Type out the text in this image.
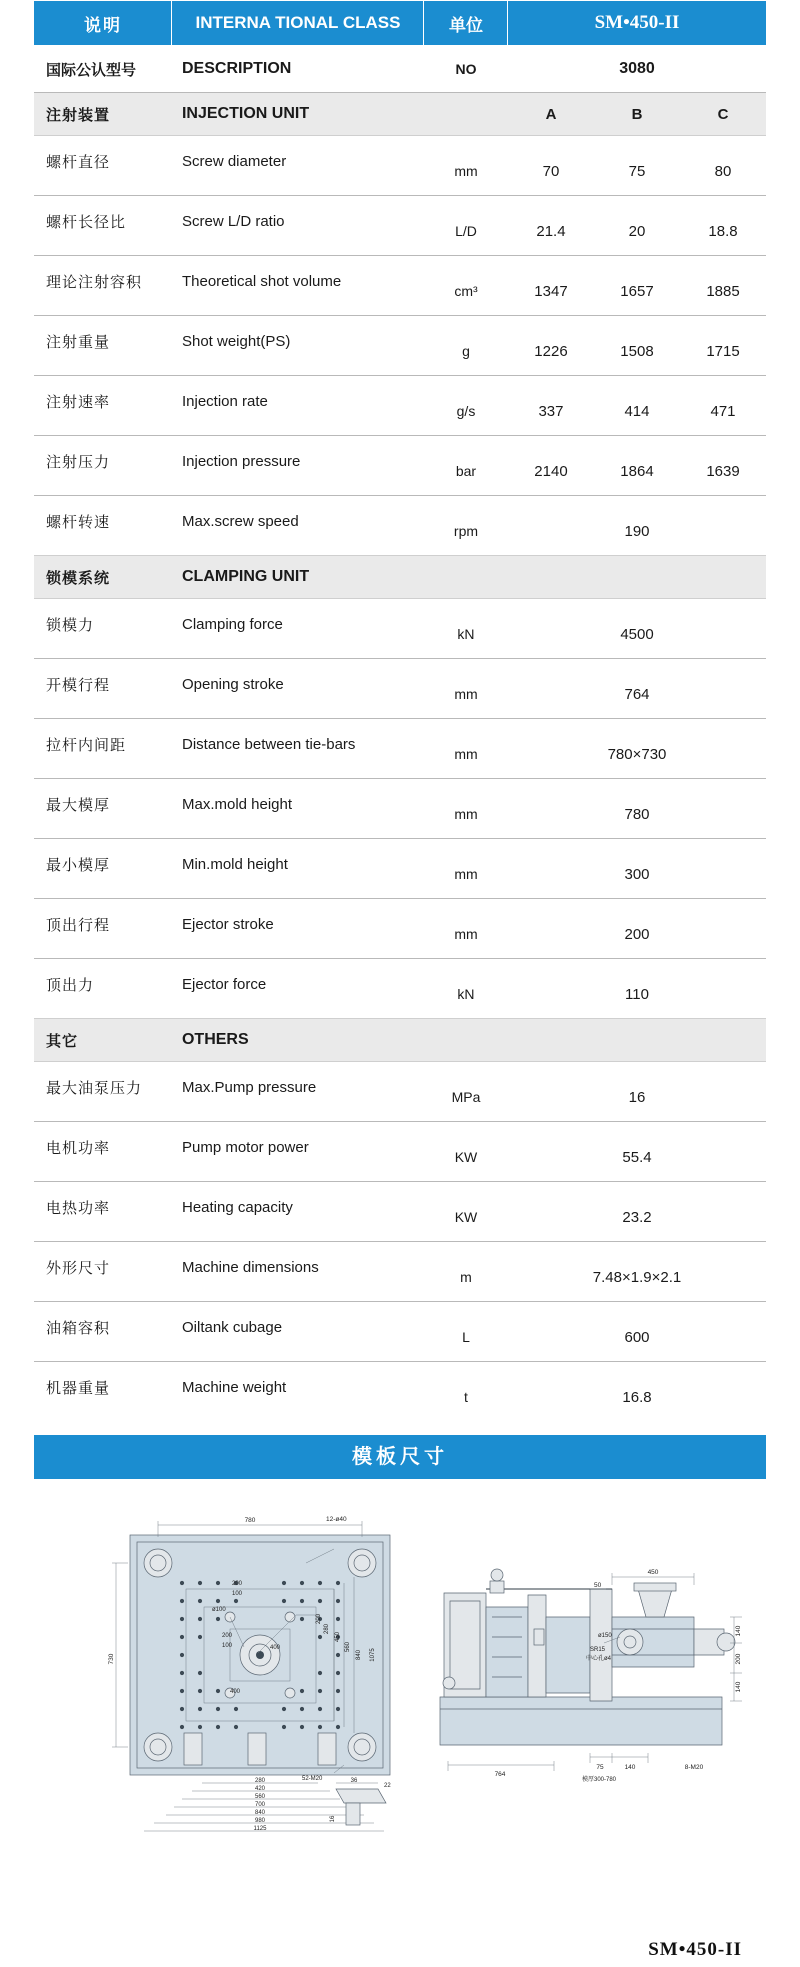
说明	INTERNA TIONAL CLASS	单位	SM•450-II		
国际公认型号	DESCRIPTION	NO	3080		
注射装置	INJECTION UNIT		A	B	C
螺杆直径	Screw diameter	mm	70	75	80
螺杆长径比	Screw L/D ratio	L/D	21.4	20	18.8
理论注射容积	Theoretical shot volume	cm³	1347	1657	1885
注射重量	Shot weight(PS)	g	1226	1508	1715
注射速率	Injection rate	g/s	337	414	471
注射压力	Injection pressure	bar	2140	1864	1639
螺杆转速	Max.screw speed	rpm	190		
锁模系统	CLAMPING UNIT				
锁模力	Clamping force	kN	4500		
开模行程	Opening stroke	mm	764		
拉杆内间距	Distance between tie-bars	mm	780×730		
最大模厚	Max.mold height	mm	780		
最小模厚	Min.mold height	mm	300		
顶出行程	Ejector stroke	mm	200		
顶出力	Ejector force	kN	110		
其它	OTHERS				
最大油泵压力	Max.Pump pressure	MPa	16		
电机功率	Pump motor power	KW	55.4		
电热功率	Heating capacity	KW	23.2		
外形尺寸	Machine dimensions	m	7.48×1.9×2.1		
油箱容积	Oiltank cubage	L	600		
机器重量	Machine weight	t	16.8		
模板尺寸
780	12-ø40
730
200
100
ø100
200
100	400
400
280
450
560
200
840 1075
280
420
560
700
840
980
1125
52-M20	36
22
16
450
50
140
200
140
SR15
中心孔ø4
ø150
764
75	140	8-M20
模厚300-780
SM•450-II
